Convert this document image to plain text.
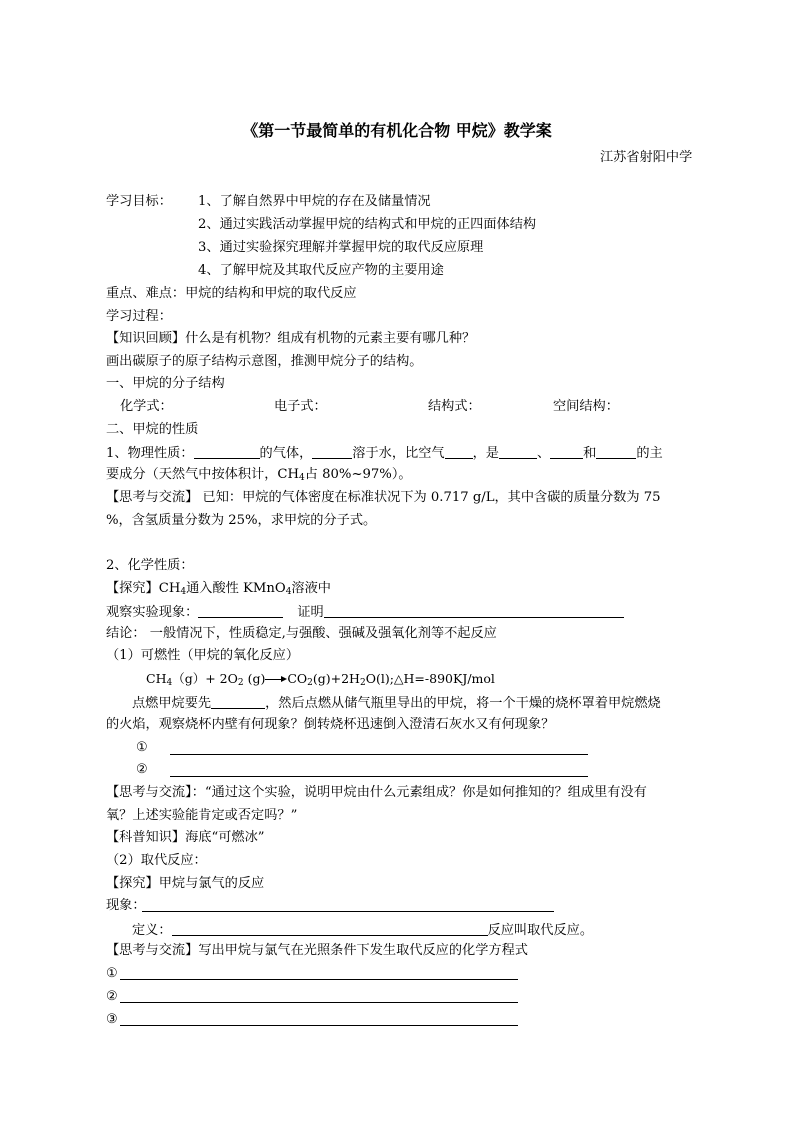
《第一节最简单的有机化合物 甲烷》教学案
江苏省射阳中学
学习目标： 1、了解自然界中甲烷的存在及储量情况
2、通过实践活动掌握甲烷的结构式和甲烷的正四面体结构
3、通过实验探究理解并掌握甲烷的取代反应原理
4、了解甲烷及其取代反应产物的主要用途
重点、难点：甲烷的结构和甲烷的取代反应
学习过程：
【知识回顾】什么是有机物？组成有机物的元素主要有哪几种？
画出碳原子的原子结构示意图，推测甲烷分子的结构。
一、甲烷的分子结构
化学式：	电子式：	结构式：	空间结构：
二、甲烷的性质
1、物理性质：	的气体，	溶于水，比空气 ，是	、	和	的主
要成分（天然气中按体积计，$CH_4$占 80%~97%）。
【思考与交流】 已知：甲烷的气体密度在标准状况下为 0.717 g/L，其中含碳的质量分数为 75
%，含氢质量分数为 25%，求甲烷的分子式。
2、化学性质：
【探究】$CH_4$通入酸性 KMnO$_4$溶液中
观察实验现象：	证明
结论： 一般情况下，性质稳定,与强酸、强碱及强氧化剂等不起反应
（1）可燃性（甲烷的氧化反应）
$CH_4(g)+ 2O_2$ (g) $CO_2(g)+2H_2O(l);\triangle H=-890KJ$/mol
点燃甲烷要先	，然后点燃从储气瓶里导出的甲烷，将一个干燥的烧杯罩着甲烷燃烧
的火焰，观察烧杯内壁有何现象？倒转烧杯迅速倒入澄清石灰水又有何现象？
①
②
【思考与交流】：“通过这个实验，说明甲烷由什么元素组成？你是如何推知的？组成里有没有
氧？上述实验能肯定或否定吗？”
【科普知识】海底“可燃冰”
（2）取代反应：
【探究】甲烷与氯气的反应
现象：
定义：	反应叫取代反应。
【思考与交流】写出甲烷与氯气在光照条件下发生取代反应的化学方程式
①
②
③
